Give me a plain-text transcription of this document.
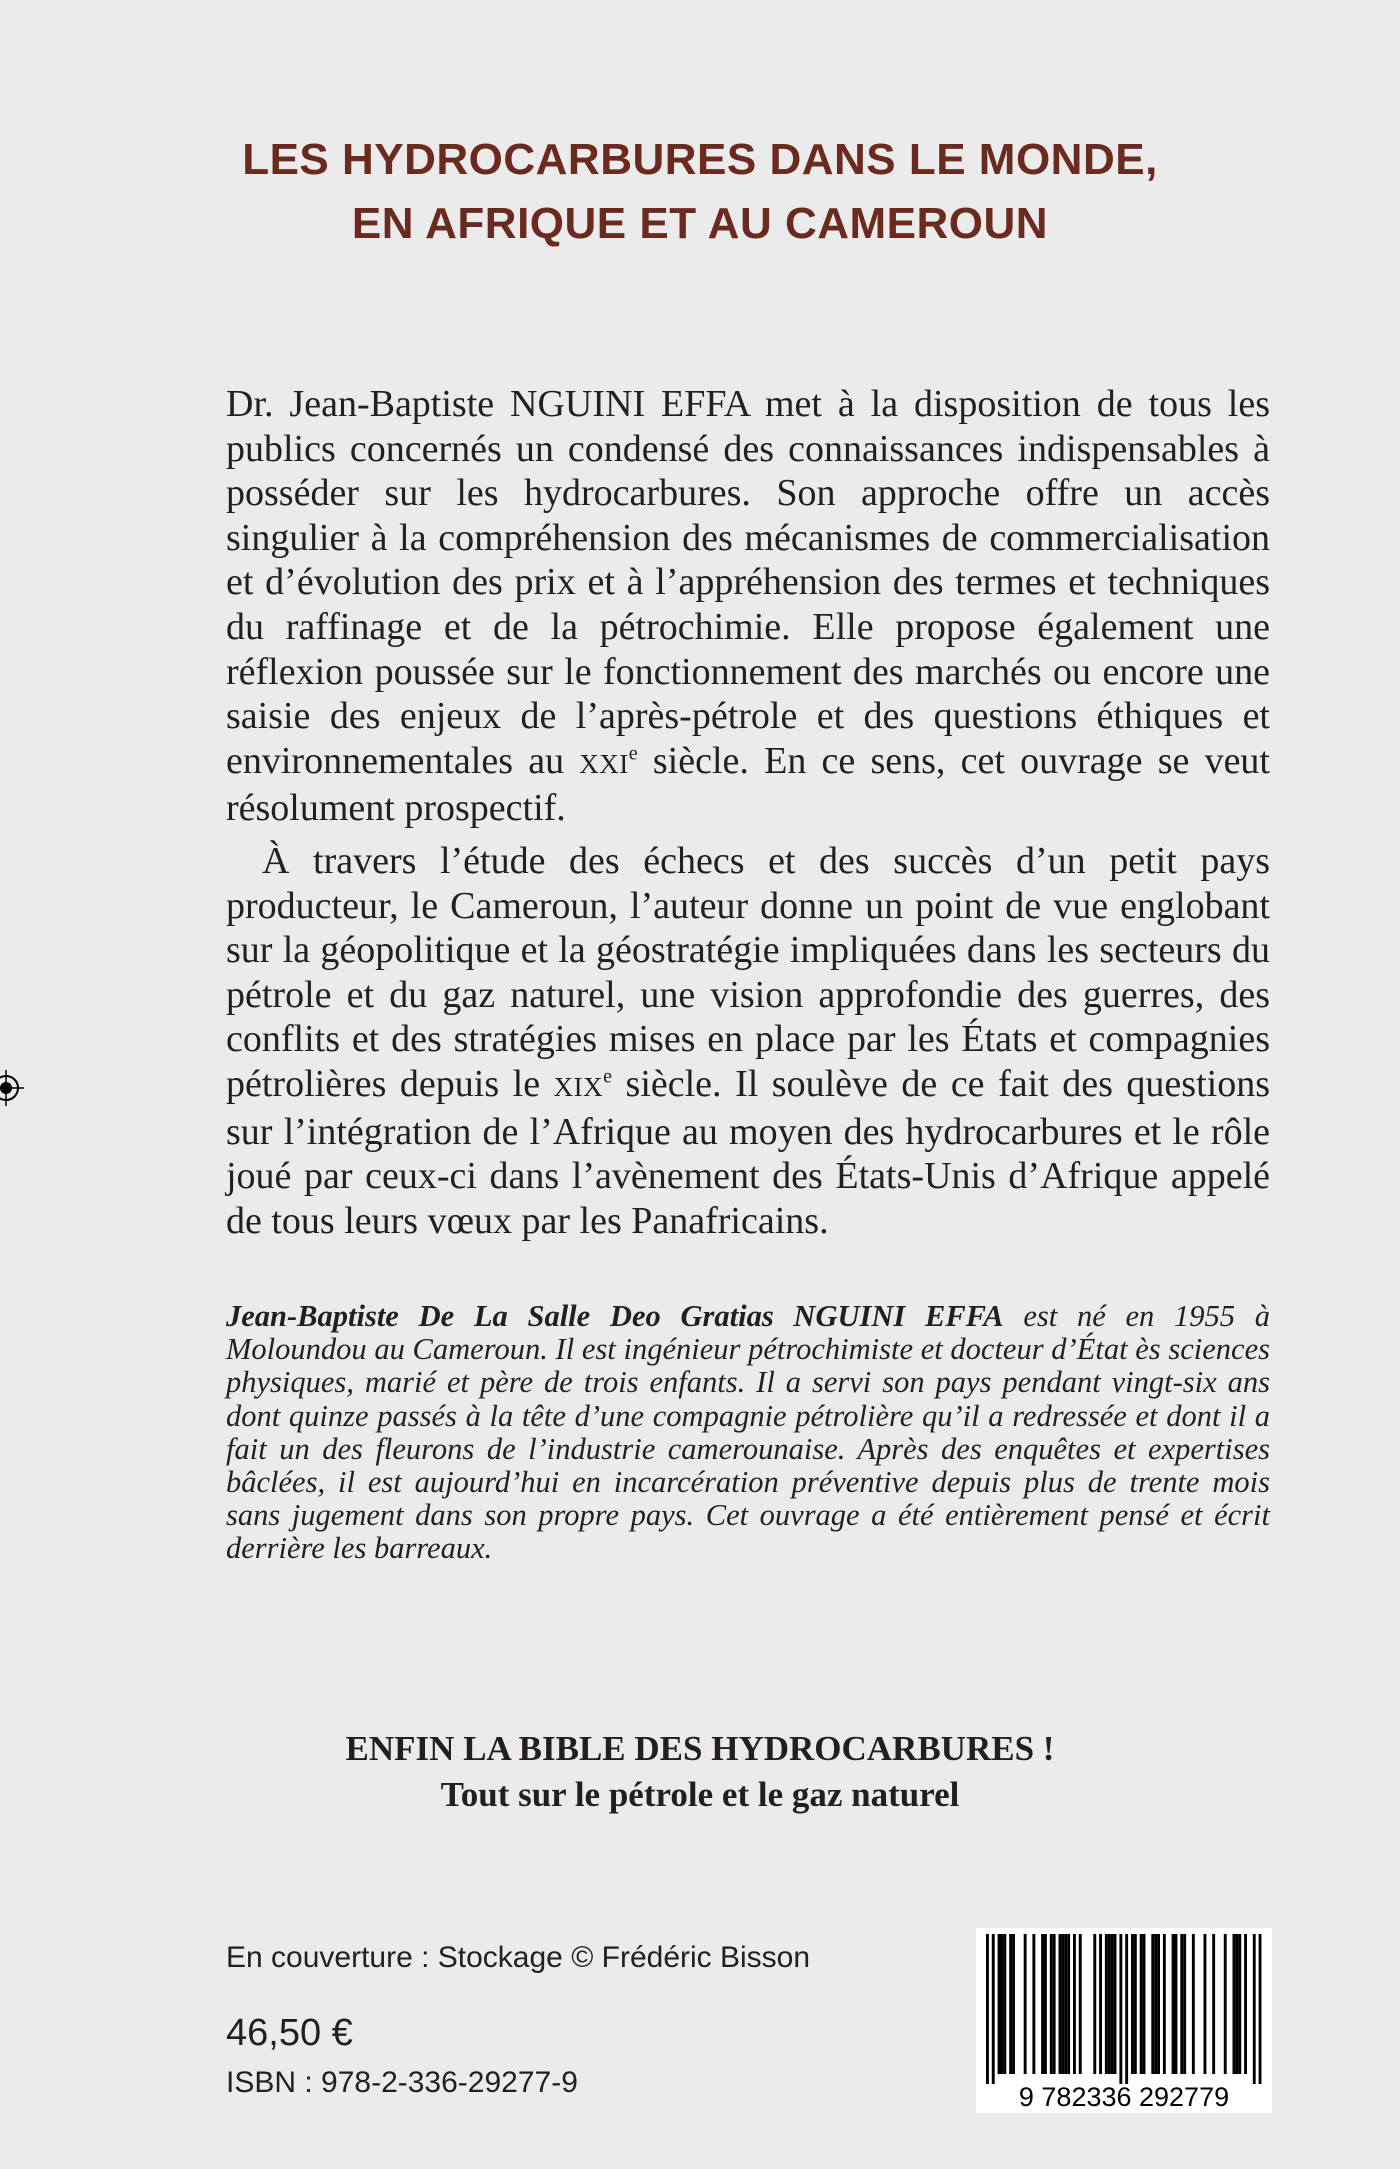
LES HYDROCARBURES DANS LE MONDE,
EN AFRIQUE ET AU CAMEROUN

Dr. Jean-Baptiste NGUINI EFFA met à la disposition de tous les publics concernés un condensé des connaissances indispensables à posséder sur les hydrocarbures. Son approche offre un accès singulier à la compréhension des mécanismes de commercialisation et d’évolution des prix et à l’appréhension des termes et techniques du raffinage et de la pétrochimie. Elle propose également une réflexion poussée sur le fonctionnement des marchés ou encore une saisie des enjeux de l’après-pétrole et des questions éthiques et environnementales au XXIe siècle. En ce sens, cet ouvrage se veut résolument prospectif.

À travers l’étude des échecs et des succès d’un petit pays producteur, le Cameroun, l’auteur donne un point de vue englobant sur la géopolitique et la géostratégie impliquées dans les secteurs du pétrole et du gaz naturel, une vision approfondie des guerres, des conflits et des stratégies mises en place par les États et compagnies pétrolières depuis le XIXe siècle. Il soulève de ce fait des questions sur l’intégration de l’Afrique au moyen des hydrocarbures et le rôle joué par ceux-ci dans l’avènement des États-Unis d’Afrique appelé de tous leurs vœux par les Panafricains.

Jean-Baptiste De La Salle Deo Gratias NGUINI EFFA est né en 1955 à Moloundou au Cameroun. Il est ingénieur pétrochimiste et docteur d’État ès sciences physiques, marié et père de trois enfants. Il a servi son pays pendant vingt-six ans dont quinze passés à la tête d’une compagnie pétrolière qu’il a redressée et dont il a fait un des fleurons de l’industrie camerounaise. Après des enquêtes et expertises bâclées, il est aujourd’hui en incarcération préventive depuis plus de trente mois sans jugement dans son propre pays. Cet ouvrage a été entièrement pensé et écrit derrière les barreaux.
ENFIN LA BIBLE DES HYDROCARBURES !
Tout sur le pétrole et le gaz naturel
En couverture : Stockage © Frédéric Bisson
46,50 €
ISBN : 978-2-336-29277-9	9 782336 292779
